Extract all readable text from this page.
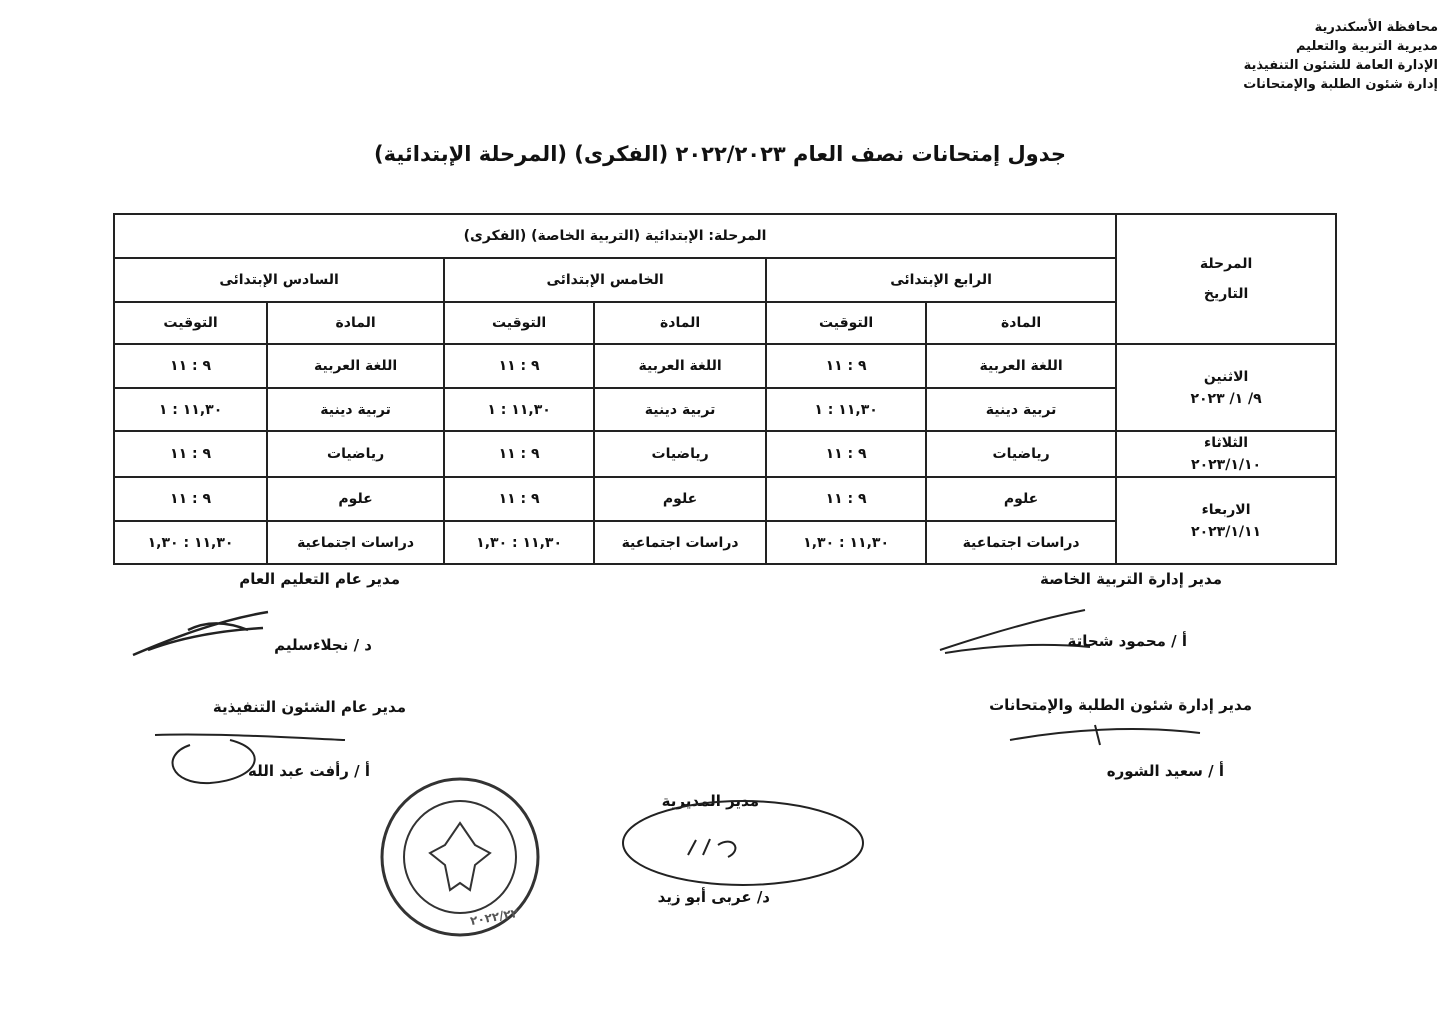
محافظة الأسكندرية
مديرية التربية والتعليم
الإدارة العامة للشئون التنفيذية
إدارة شئون الطلبة والإمتحانات
جدول إمتحانات نصف العام ٢٠٢٢/٢٠٢٣ (الفكرى) (المرحلة الإبتدائية)
المرحلة
التاريخ	المرحلة: الإبتدائية (التربية الخاصة) (الفكرى)					
	الرابع الإبتدائى		الخامس الإبتدائى		السادس الإبتدائى	
	المادة	التوقيت	المادة	التوقيت	المادة	التوقيت

الاثنين
٩/ ١/ ٢٠٢٣	اللغة العربية	٩ : ١١	اللغة العربية	٩ : ١١	اللغة العربية	٩ : ١١
	تربية دينية	١١,٣٠ : ١	تربية دينية	١١,٣٠ : ١	تربية دينية	١١,٣٠ : ١

الثلاثاء
٢٠٢٣/١/١٠	رياضيات	٩ : ١١	رياضيات	٩ : ١١	رياضيات	٩ : ١١

الاربعاء
٢٠٢٣/١/١١	علوم	٩ : ١١	علوم	٩ : ١١	علوم	٩ : ١١
	دراسات اجتماعية	١١,٣٠ : ١,٣٠	دراسات اجتماعية	١١,٣٠ : ١,٣٠	دراسات اجتماعية	١١,٣٠ : ١,٣٠
مدير عام التعليم العام
د / نجلاءسليم
مدير إدارة التربية الخاصة
أ / محمود شحاتة
مدير عام الشئون التنفيذية
أ / رأفت عبد الله
مدير إدارة شئون الطلبة والإمتحانات
أ / سعيد الشوره
مدير المديرية
د/ عربى أبو زيد
٢٠٢٢/٢٢
